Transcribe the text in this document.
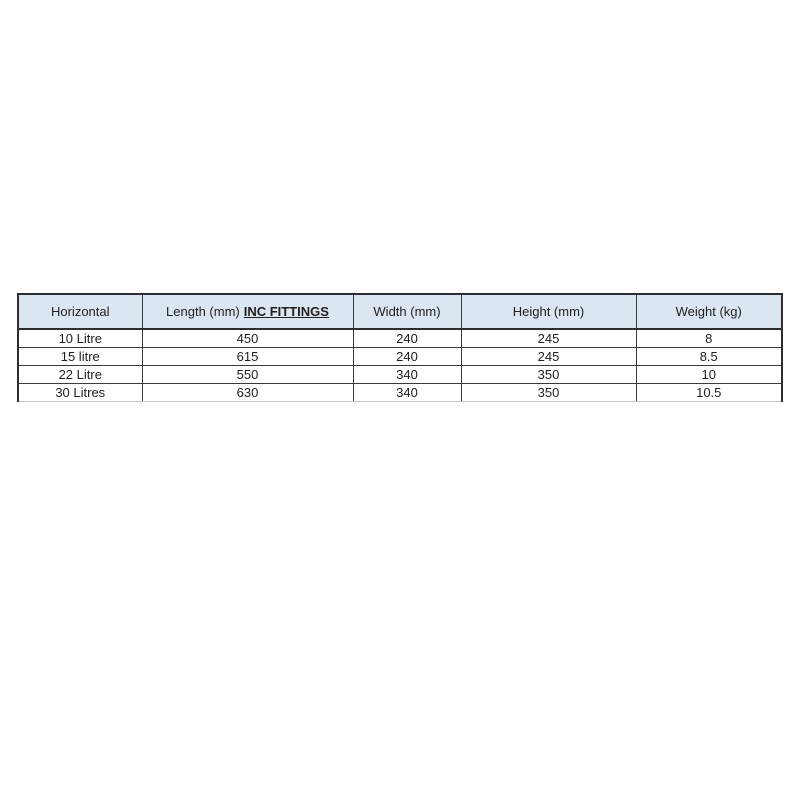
Horizontal	Length (mm) INC FITTINGS	Width (mm)	Height (mm)	Weight (kg)
10 Litre	450	240	245	8
15 litre	615	240	245	8.5
22 Litre	550	340	350	10
30 Litres	630	340	350	10.5
